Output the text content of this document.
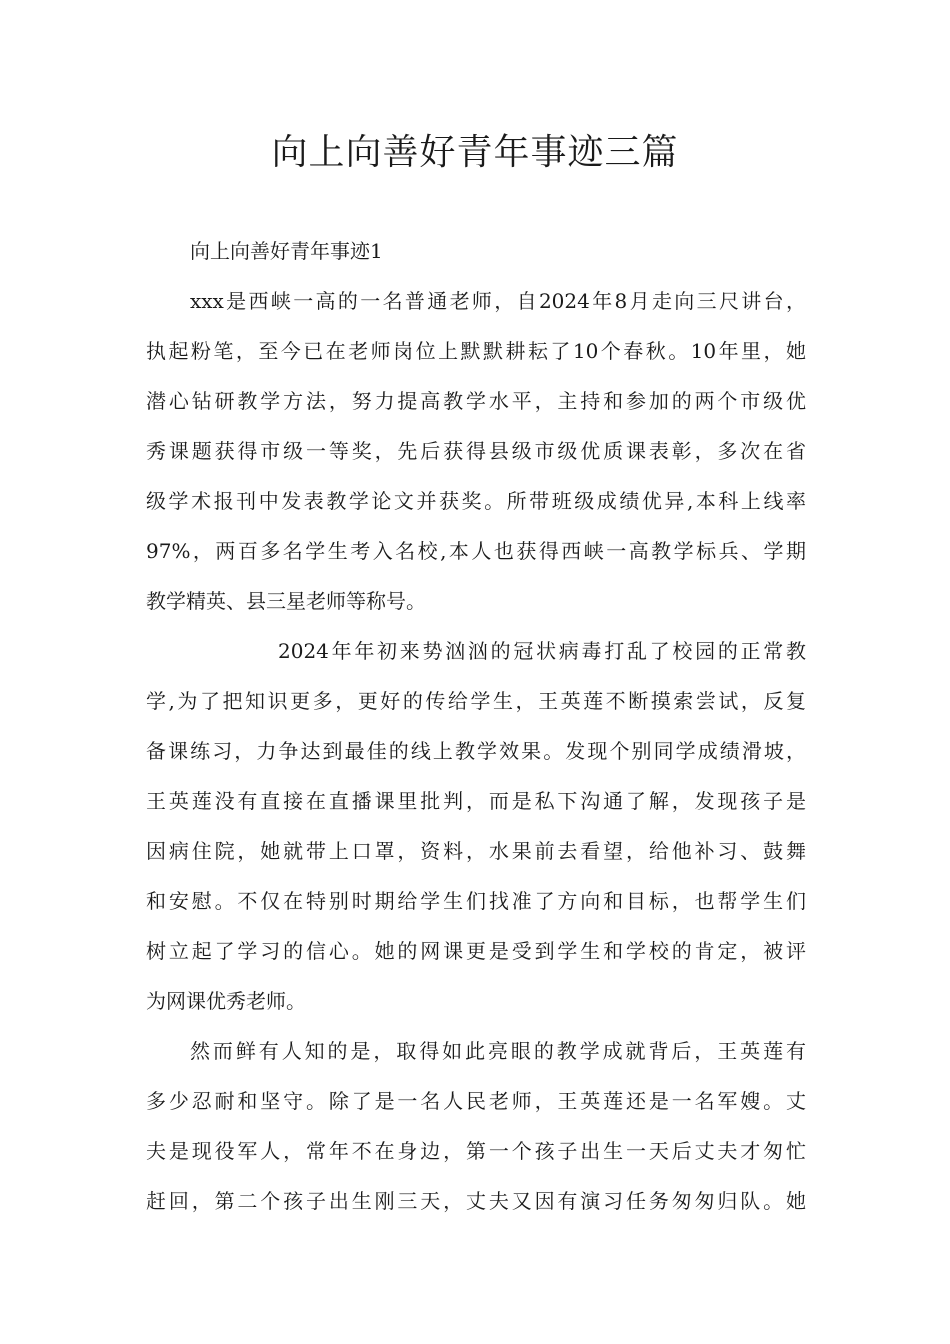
向上向善好青年事迹三篇
向上向善好青年事迹1
xxx是西峡一高的一名普通老师，自2024年8月走向三尺讲台，
执起粉笔，至今已在老师岗位上默默耕耘了10个春秋。10年里，她
潜心钻研教学方法，努力提高教学水平，主持和参加的两个市级优
秀课题获得市级一等奖，先后获得县级市级优质课表彰，多次在省
级学术报刊中发表教学论文并获奖。所带班级成绩优异,本科上线率
97%，两百多名学生考入名校,本人也获得西峡一高教学标兵、学期
教学精英、县三星老师等称号。
2024年年初来势汹汹的冠状病毒打乱了校园的正常教
学,为了把知识更多，更好的传给学生，王英莲不断摸索尝试，反复
备课练习，力争达到最佳的线上教学效果。发现个别同学成绩滑坡，
王英莲没有直接在直播课里批判，而是私下沟通了解，发现孩子是
因病住院，她就带上口罩，资料，水果前去看望，给他补习、鼓舞
和安慰。不仅在特别时期给学生们找准了方向和目标，也帮学生们
树立起了学习的信心。她的网课更是受到学生和学校的肯定，被评
为网课优秀老师。
然而鲜有人知的是，取得如此亮眼的教学成就背后，王英莲有
多少忍耐和坚守。除了是一名人民老师，王英莲还是一名军嫂。丈
夫是现役军人，常年不在身边，第一个孩子出生一天后丈夫才匆忙
赶回，第二个孩子出生刚三天，丈夫又因有演习任务匆匆归队。她
